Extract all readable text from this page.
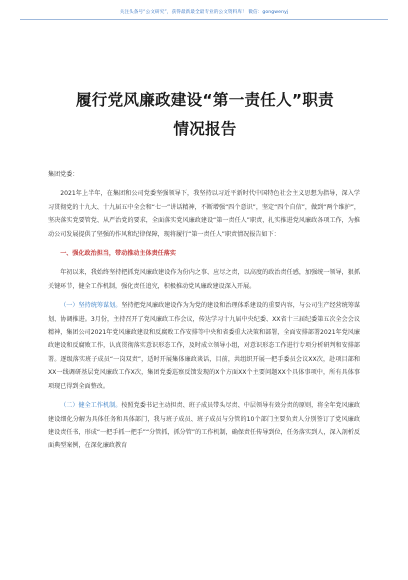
关注头条号“公文研究”，获得最新最全最专业的公文资料库！ 微信：gongwenyj
履行党风廉政建设“第一责任人”职责情况报告

集团党委：

2021年上半年，在集团和公司党委坚强领导下，我坚持以习近平新时代中国特色社会主义思想为指导，深入学习贯彻党的十九大、十九届五中全会和“七一”讲话精神，不断增强“四个意识”，坚定“四个自信”，做到“两个维护”，坚决落实党要管党、从严治党的要求，全面落实党风廉政建设“第一责任人”职责，扎实推进党风廉政各项工作，为推动公司发展提供了坚强的作风和纪律保障，现将履行“第一责任人”职责情况报告如下：

一、强化政治担当，带动推动主体责任落实

年初以来，我始终坚持把抓党风廉政建设作为份内之事、应尽之责，以高度的政治责任感，加强统一领导，狠抓关键环节，健全工作机制，强化责任追究，积极推动党风廉政建设深入开展。

（一）坚持统筹谋划。坚持把党风廉政建设作为为党的建设和治理体系建设的重要内容，与公司生产经营统筹谋划、协调推进。3月份，主持召开了党风廉政工作会议，传达学习十九届中央纪委、XX省十三届纪委第五次全会会议精神，集团公司2021年党风廉政建设和反腐败工作安排等中央和省委重大决策和部署，全面安排部署2021年党风廉政建设和反腐败工作，认真贯彻落实意识形态工作，及时成立领导小组，对意识形态工作进行专项分析研判和安排部署。逐级落实班子成员“一岗双责”，适时开展集体廉政谈话，目前，共组织开展一把手委员会议XX次，赴项目部和XX一线调研基层党风廉政工作X次，集团党委巡察反馈发现的X个方面XX个主要问题XX个具体事项中，所有具体事项现已得到全面整改。

（二）健全工作机制。按照党委书记主动担责、班子成员带头尽责、中层领导有效分责的原则，将全年党风廉政建设细化分解为具体任务和具体部门，我与班子成员、班子成员与分管的10个部门主要负责人分别签订了党风廉政建设责任书，形成“一把手抓一把手”“分管抓，抓分管”的工作机制，确保责任传导到位，任务落实到人，深入剖析反面典型案例，在深化廉政教育
